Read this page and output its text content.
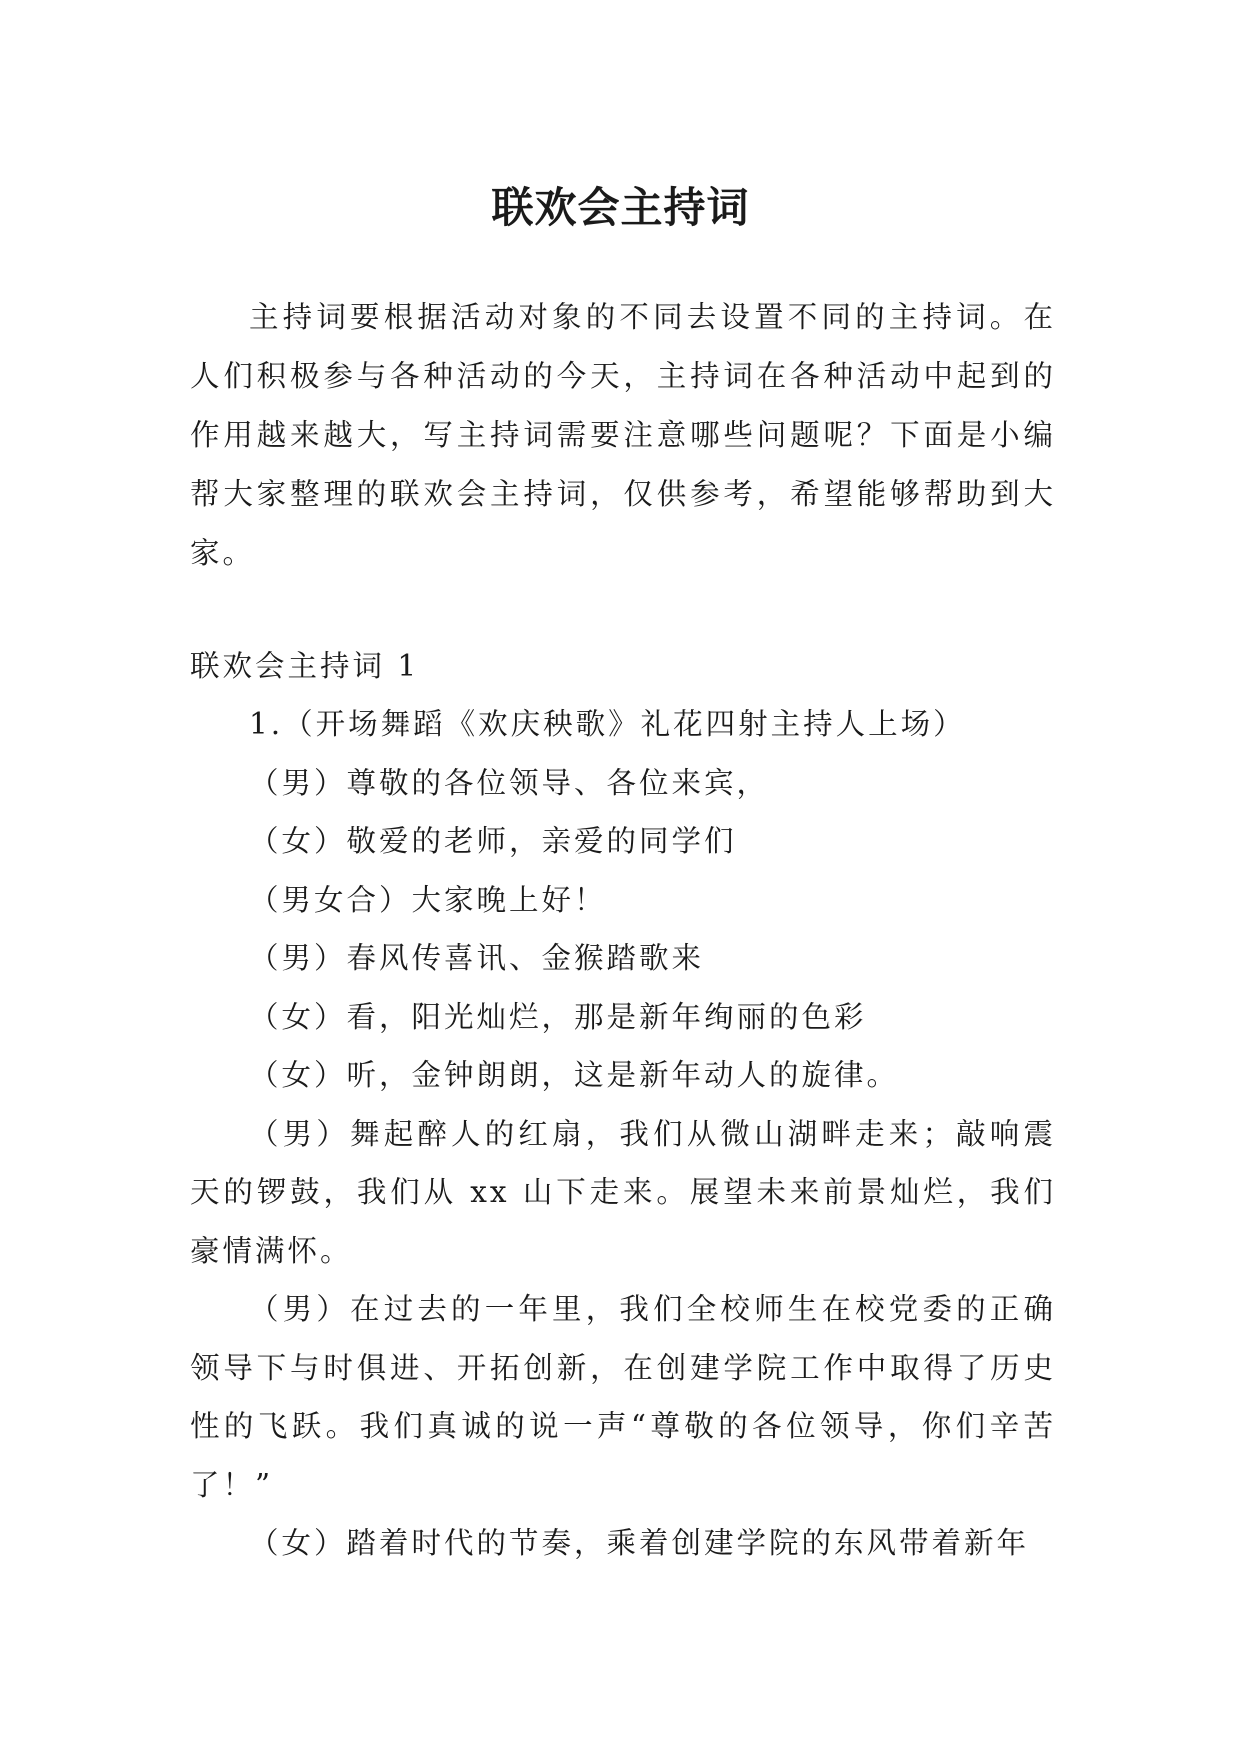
联欢会主持词

主持词要根据活动对象的不同去设置不同的主持词。在人们积极参与各种活动的今天，主持词在各种活动中起到的作用越来越大，写主持词需要注意哪些问题呢？下面是小编帮大家整理的联欢会主持词，仅供参考，希望能够帮助到大家。

联欢会主持词 1

1.（开场舞蹈《欢庆秧歌》礼花四射主持人上场）

（男）尊敬的各位领导、各位来宾，

（女）敬爱的老师，亲爱的同学们

（男女合）大家晚上好！

（男）春风传喜讯、金猴踏歌来

（女）看，阳光灿烂，那是新年绚丽的色彩

（女）听，金钟朗朗，这是新年动人的旋律。

（男）舞起醉人的红扇，我们从微山湖畔走来；敲响震天的锣鼓，我们从 xx 山下走来。展望未来前景灿烂，我们豪情满怀。

（男）在过去的一年里，我们全校师生在校党委的正确领导下与时俱进、开拓创新，在创建学院工作中取得了历史性的飞跃。我们真诚的说一声“尊敬的各位领导，你们辛苦了！”

（女）踏着时代的节奏，乘着创建学院的东风带着新年
